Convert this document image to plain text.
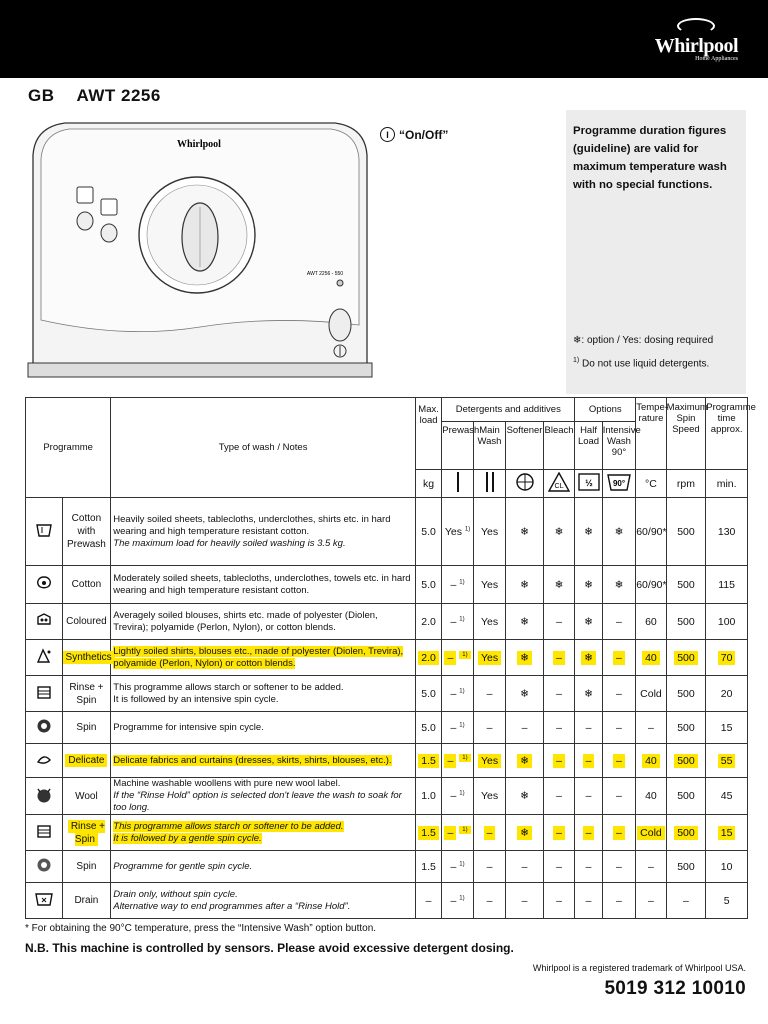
Whirlpool
Home Appliances
GB AWT 2256
Whirlpool
AWT 2256 - 550
I “On/Off”	Programme duration figures (guideline) are valid for maximum temperature wash with no special functions.
❄: option / Yes: dosing required
$^{1)}$ Do not use liquid detergents.
Programme		Type of wash / Notes	Max. load	Detergents and additives				Options		Tempe-rature	Maximum Spin Speed	Programme time approx.
				Prewash	Main Wash	Softener	Bleach	Half Load	Intensive Wash 90°			
			kg				CL	½	90°	°C	rpm	min.
	Cotton with Prewash	Heavily soiled sheets, tablecloths, underclothes, shirts etc. in hard wearing and high temperature resistant cotton.
The maximum load for heavily soiled washing is 3.5 kg.	5.0	Yes $^{1)}$	Yes	❄	❄	❄	❄	60/90*	500	130
	Cotton	Moderately soiled sheets, tablecloths, underclothes, towels etc. in hard wearing and high temperature resistant cotton.	5.0	– $^{1)}$	Yes	❄	❄	❄	❄	60/90*	500	115
	Coloured	Averagely soiled blouses, shirts etc. made of polyester (Diolen, Trevira); polyamide (Perlon, Nylon), or cotton blends.	2.0	– $^{1)}$	Yes	❄	–	❄	–	60	500	100
	Synthetics	Lightly soiled shirts, blouses etc., made of polyester (Diolen, Trevira), polyamide (Perlon, Nylon) or cotton blends.	2.0	– $^{1)}$	Yes	❄	–	❄	–	40	500	70
	Rinse + Spin	This programme allows starch or softener to be added.
It is followed by an intensive spin cycle.	5.0	– $^{1)}$	–	❄	–	❄	–	Cold	500	20
	Spin	Programme for intensive spin cycle.	5.0	– $^{1)}$	–	–	–	–	–	–	500	15
	Delicate	Delicate fabrics and curtains (dresses, skirts, shirts, blouses, etc.).	1.5	– $^{1)}$	Yes	❄	–	–	–	40	500	55
	Wool	Machine washable woollens with pure new wool label.
If the “Rinse Hold” option is selected don't leave the wash to soak for too long.	1.0	– $^{1)}$	Yes	❄	–	–	–	40	500	45
	Rinse + Spin	This programme allows starch or softener to be added.
It is followed by a gentle spin cycle.	1.5	– $^{1)}$	–	❄	–	–	–	Cold	500	15
	Spin	Programme for gentle spin cycle.	1.5	– $^{1)}$	–	–	–	–	–	–	500	10
	Drain	Drain only, without spin cycle.
Alternative way to end programmes after a “Rinse Hold”.	–	– $^{1)}$	–	–	–	–	–	–	–	5
* For obtaining the 90°C temperature, press the “Intensive Wash” option button.
N.B. This machine is controlled by sensors. Please avoid excessive detergent dosing.
Whirlpool is a registered trademark of Whirlpool USA.
5019 312 10010
